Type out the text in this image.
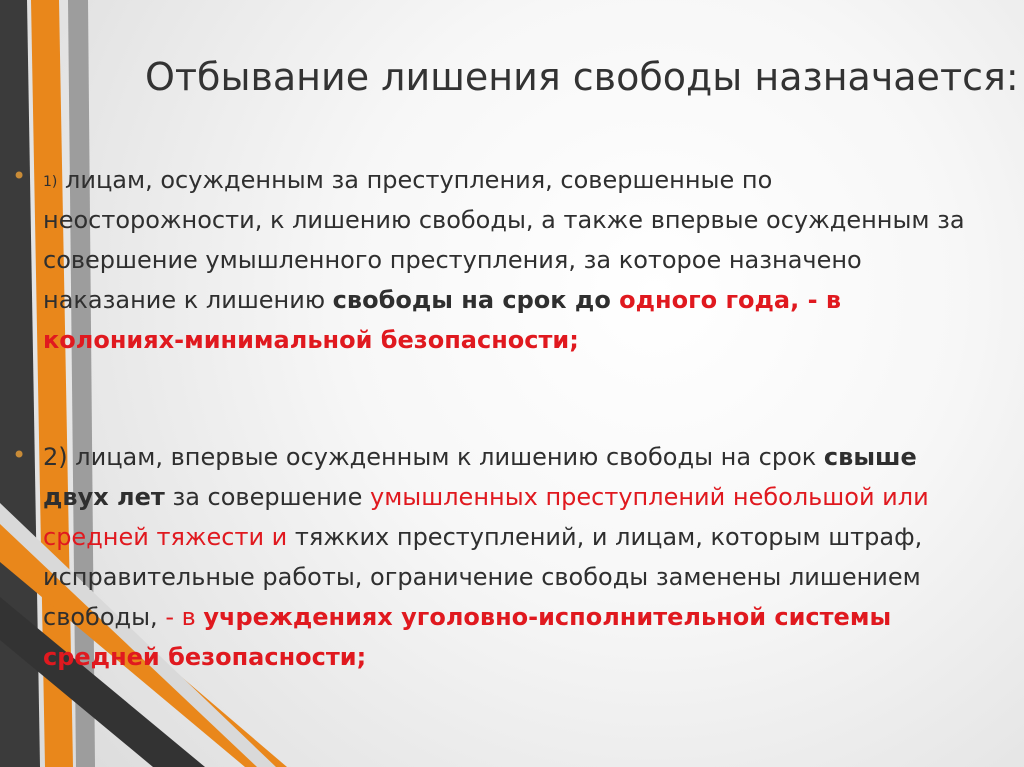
Отбывание лишения свободы назначается:
• 1) лицам, осужденным за преступления, совершенные по неосторожности, к лишению свободы, а также впервые осужденным за совершение умышленного преступления, за которое назначено наказание к лишению свободы на срок до одного года, - в колониях-минимальной безопасности;

• 2) лицам, впервые осужденным к лишению свободы на срок свыше двух лет за совершение умышленных преступлений небольшой или средней тяжести и тяжких преступлений, и лицам, которым штраф, исправительные работы, ограничение свободы заменены лишением свободы, - в учреждениях уголовно-исполнительной системы средней безопасности;
